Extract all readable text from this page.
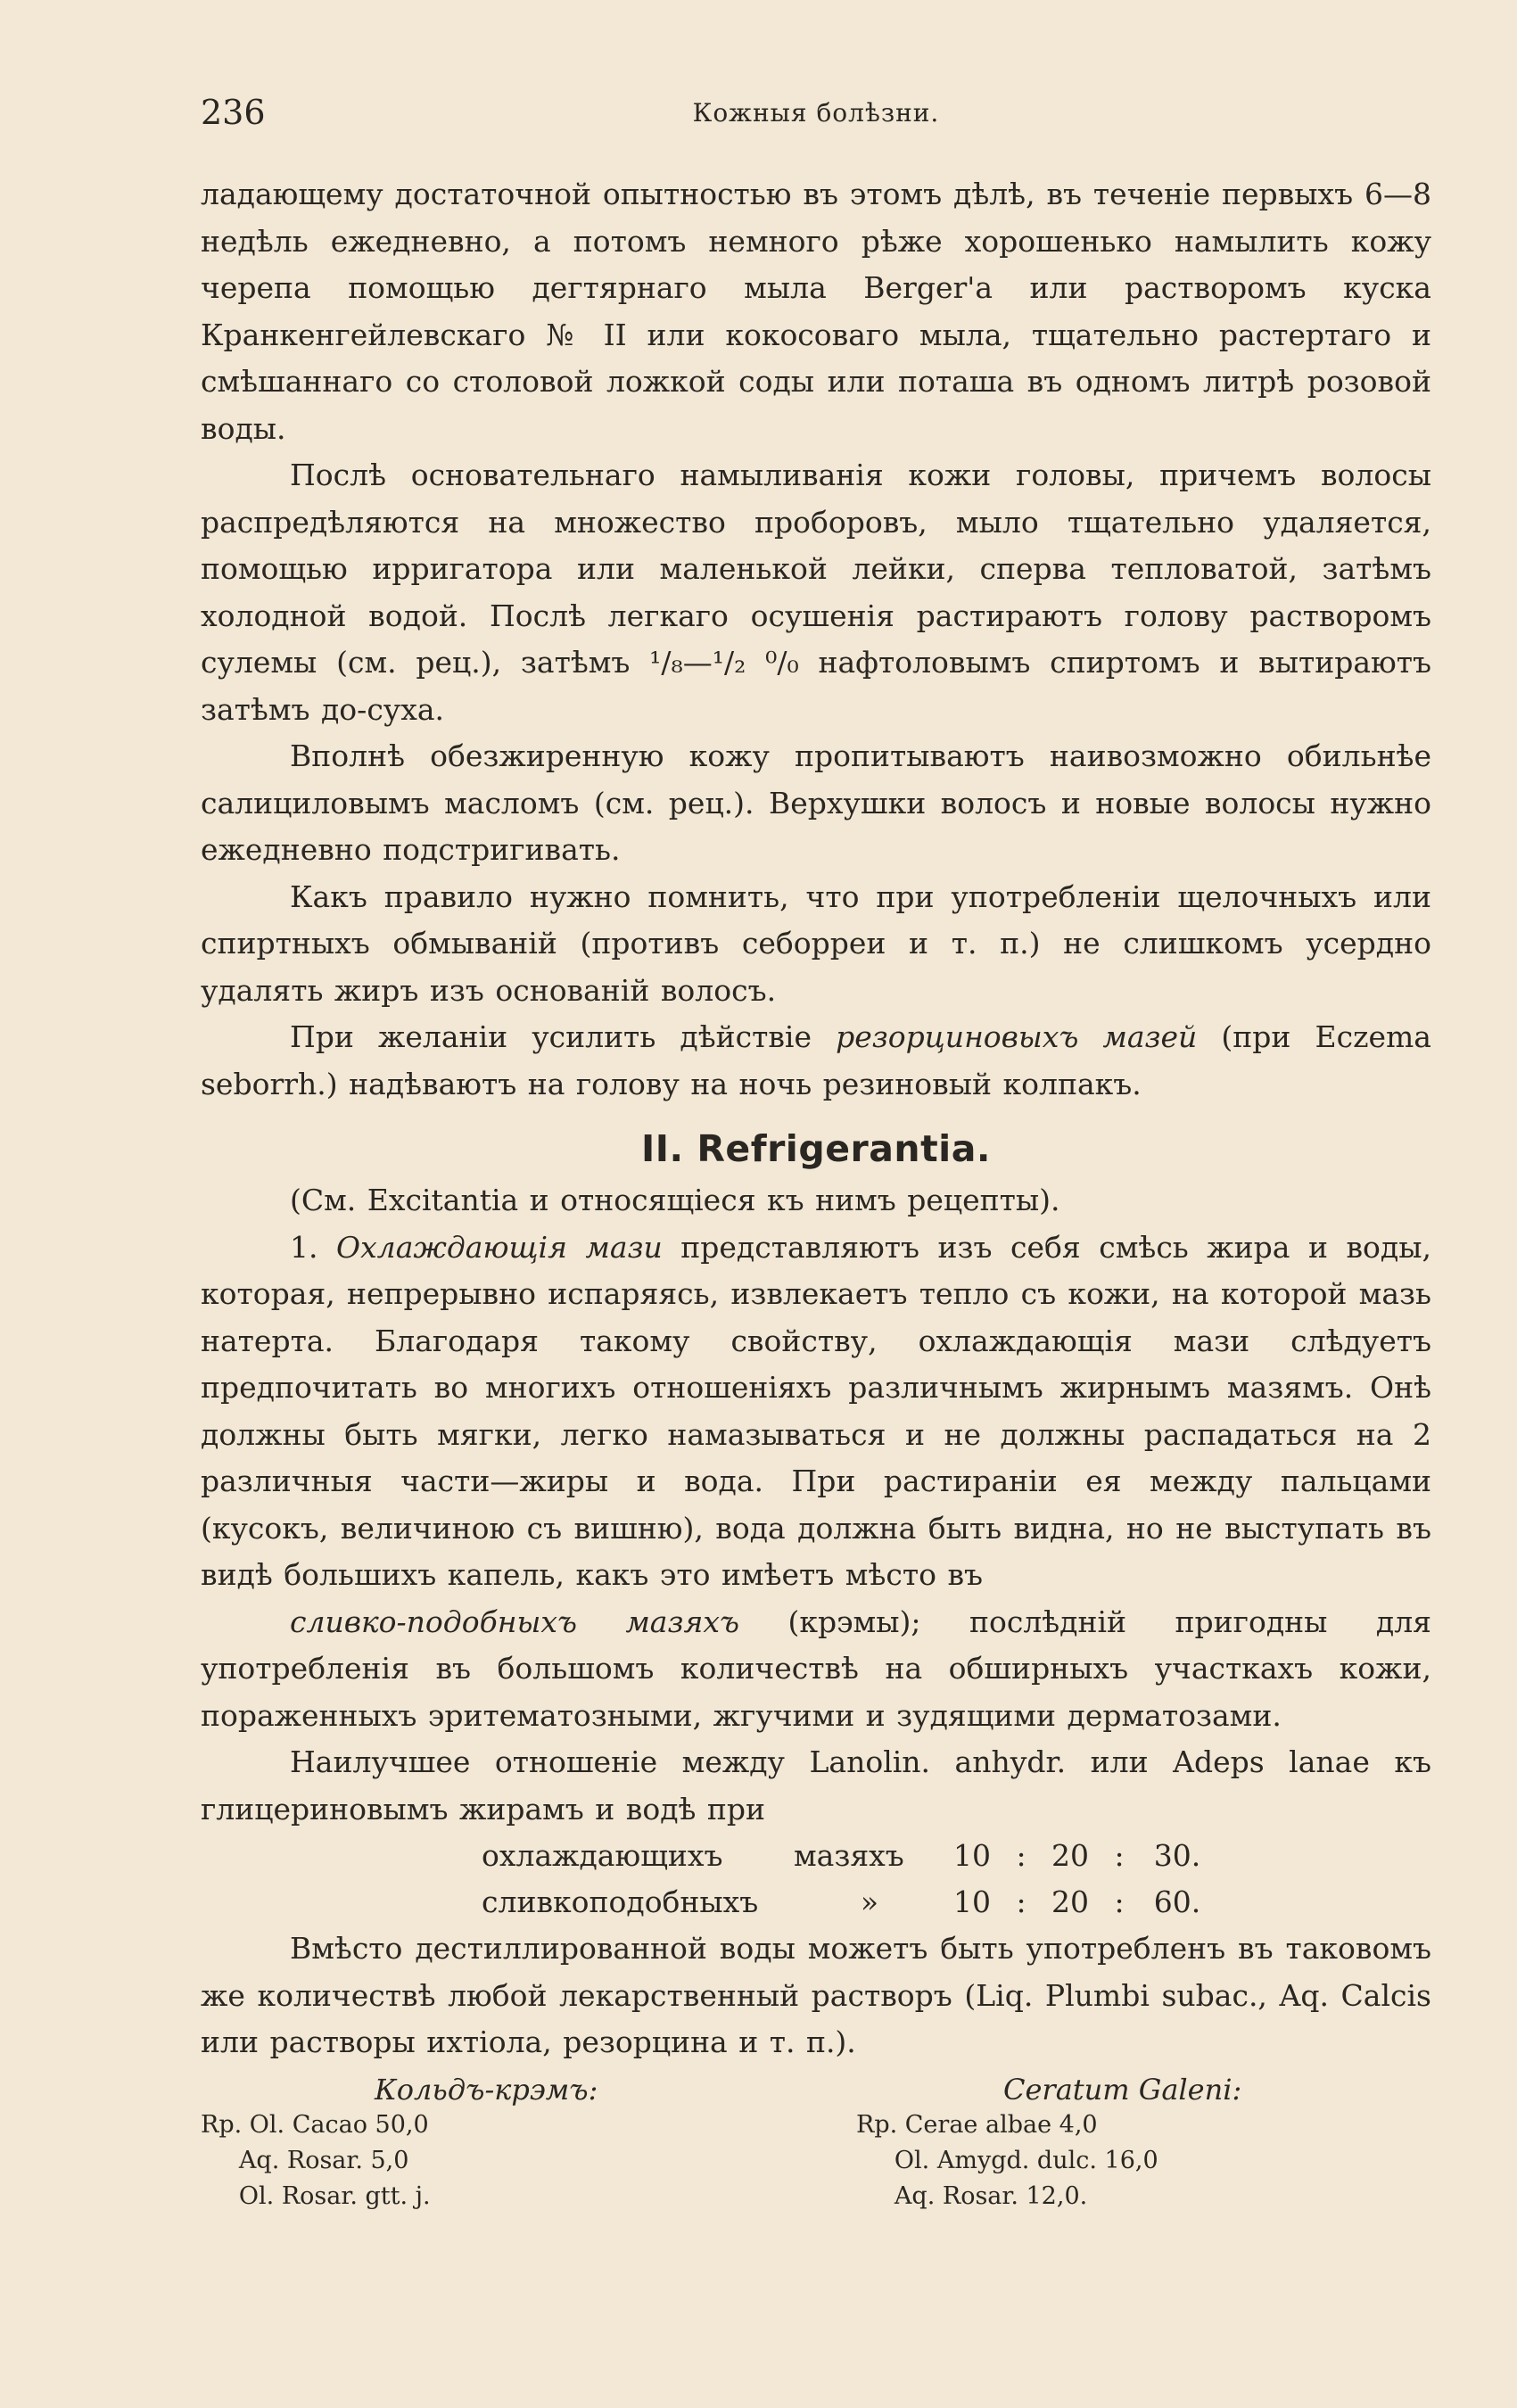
236	Кожныя болѣзни.

ладающему достаточной опытностью въ этомъ дѣлѣ, въ теченіе первыхъ 6—8 недѣль ежедневно, а потомъ немного рѣже хорошенько намылить кожу черепа помощью дегтярнаго мыла Berger'а или растворомъ куска Кранкенгейлевскаго № II или кокосоваго мыла, тщательно растертаго и смѣшаннаго со столовой ложкой соды или поташа въ одномъ литрѣ розовой воды.

Послѣ основательнаго намыливанія кожи головы, причемъ волосы распредѣляются на множество проборовъ, мыло тщательно удаляется, помощью ирригатора или маленькой лейки, сперва тепловатой, затѣмъ холодной водой. Послѣ легкаго осушенія растираютъ голову растворомъ сулемы (см. рец.), затѣмъ ¹/₈—¹/₂ ⁰/₀ нафтоловымъ спиртомъ и вытираютъ затѣмъ до-суха.

Вполнѣ обезжиренную кожу пропитываютъ наивозможно обильнѣе салициловымъ масломъ (см. рец.). Верхушки волосъ и новые волосы нужно ежедневно подстригивать.

Какъ правило нужно помнить, что при употребленіи щелочныхъ или спиртныхъ обмываній (противъ себорреи и т. п.) не слишкомъ усердно удалять жиръ изъ основаній волосъ.

При желаніи усилить дѣйствіе резорциновыхъ мазей (при Eczema seborrh.) надѣваютъ на голову на ночь резиновый колпакъ.

II. Refrigerantia.

(См. Excitantia и относящіеся къ нимъ рецепты).

1. Охлаждающія мази представляютъ изъ себя смѣсь жира и воды, которая, непрерывно испаряясь, извлекаетъ тепло съ кожи, на которой мазь натерта. Благодаря такому свойству, охлаждающія мази слѣдуетъ предпочитать во многихъ отношеніяхъ различнымъ жирнымъ мазямъ. Онѣ должны быть мягки, легко намазываться и не должны распадаться на 2 различныя части—жиры и вода. При растираніи ея между пальцами (кусокъ, величиною съ вишню), вода должна быть видна, но не выступать въ видѣ большихъ капель, какъ это имѣетъ мѣсто въ

сливко-подобныхъ мазяхъ (крэмы); послѣдній пригодны для употребленія въ большомъ количествѣ на обширныхъ участкахъ кожи, пораженныхъ эритематозными, жгучими и зудящими дерматозами.

Наилучшее отношеніе между Lanolin. anhydr. или Adeps lanae къ глицериновымъ жирамъ и водѣ при

охлаждающихъ	мазяхъ	10 : 20 :	30.
сливкоподобныхъ	»	10 : 20 :	60.

Вмѣсто дестиллированной воды можетъ быть употребленъ въ таковомъ же количествѣ любой лекарственный растворъ (Liq. Plumbi subac., Aq. Calcis или растворы ихтіола, резорцина и т. п.).

Кольдъ-крэмъ:
Rp. Ol. Cacao 50,0
Aq. Rosar. 5,0
Ol. Rosar. gtt. j.
Ceratum Galeni:
Rp. Cerae albae 4,0
Ol. Amygd. dulc. 16,0
Aq. Rosar. 12,0.
